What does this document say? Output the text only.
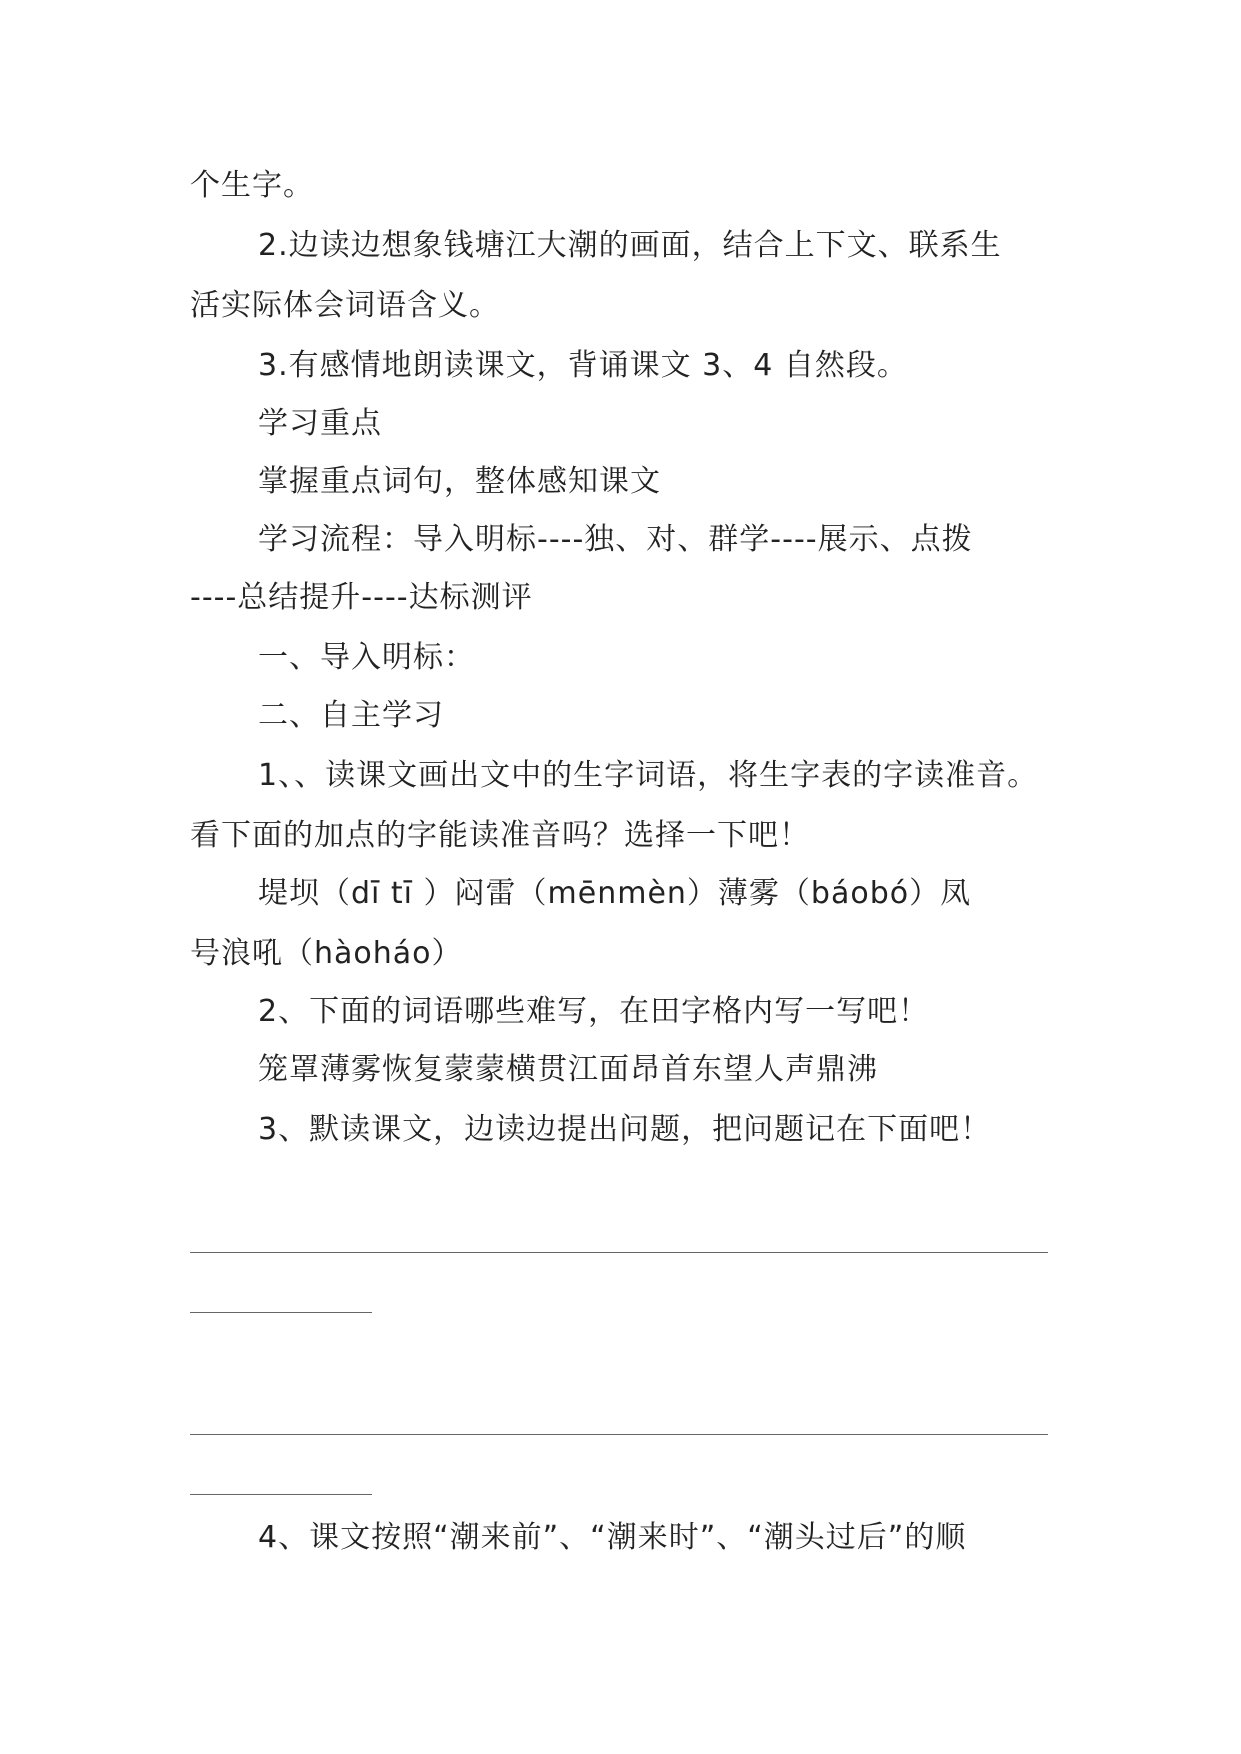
个生字。
2.边读边想象钱塘江大潮的画面，结合上下文、联系生
活实际体会词语含义。
3.有感情地朗读课文，背诵课文 3、4 自然段。
学习重点
掌握重点词句，整体感知课文
学习流程：导入明标----独、对、群学----展示、点拨
----总结提升----达标测评
一、导入明标：
二、自主学习
1、、读课文画出文中的生字词语，将生字表的字读准音。
看下面的加点的字能读准音吗？选择一下吧！
堤坝（dī tī ）闷雷（mēnmèn）薄雾（báobó）凤
号浪吼（hàoháo）
2、下面的词语哪些难写，在田字格内写一写吧！
笼罩薄雾恢复蒙蒙横贯江面昂首东望人声鼎沸
3、默读课文，边读边提出问题，把问题记在下面吧！
4、课文按照“潮来前”、“潮来时”、“潮头过后”的顺
